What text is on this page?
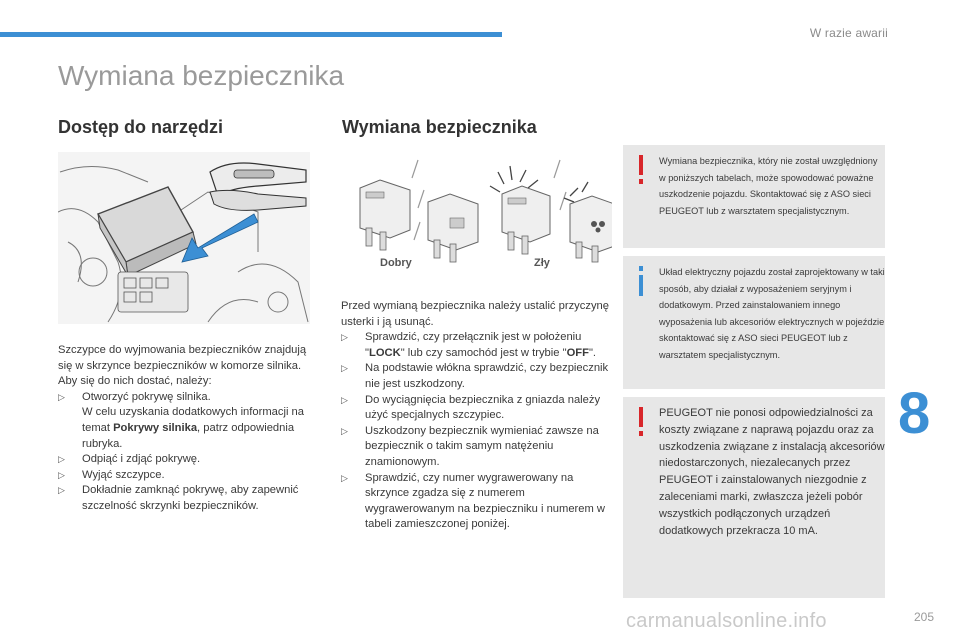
W razie awarii
Wymiana bezpiecznika
Dostęp do narzędzi	Wymiana bezpiecznika
Dobry	Zły

Szczypce do wyjmowania bezpieczników znajdują się w skrzynce bezpieczników w komorze silnika.

Aby się do nich dostać, należy:

▷ Otworzyć pokrywę silnika.
W celu uzyskania dodatkowych informacji na temat Pokrywy silnika, patrz odpowiednia rubryka.
▷ Odpiąć i zdjąć pokrywę.
▷ Wyjąć szczypce.
▷ Dokładnie zamknąć pokrywę, aby zapewnić szczelność skrzynki bezpieczników.

Przed wymianą bezpiecznika należy ustalić przyczynę usterki i ją usunąć.

▷ Sprawdzić, czy przełącznik jest w położeniu "LOCK" lub czy samochód jest w trybie "OFF".
▷ Na podstawie włókna sprawdzić, czy bezpiecznik nie jest uszkodzony.
▷ Do wyciągnięcia bezpiecznika z gniazda należy użyć specjalnych szczypiec.
▷ Uszkodzony bezpiecznik wymieniać zawsze na bezpiecznik o takim samym natężeniu znamionowym.
▷ Sprawdzić, czy numer wygrawerowany na skrzynce zgadza się z numerem wygrawerowanym na bezpieczniku i numerem w tabeli zamieszczonej poniżej.

Wymiana bezpiecznika, który nie został uwzględniony w poniższych tabelach, może spowodować poważne uszkodzenie pojazdu. Skontaktować się z ASO sieci PEUGEOT lub z warsztatem specjalistycznym.

Układ elektryczny pojazdu został zaprojektowany w taki sposób, aby działał z wyposażeniem seryjnym i dodatkowym. Przed zainstalowaniem innego wyposażenia lub akcesoriów elektrycznych w pojeździe skontaktować się z ASO sieci PEUGEOT lub z warsztatem specjalistycznym.

PEUGEOT nie ponosi odpowiedzialności za koszty związane z naprawą pojazdu oraz za uszkodzenia związane z instalacją akcesoriów niedostarczonych, niezalecanych przez PEUGEOT i zainstalowanych niezgodnie z zaleceniami marki, zwłaszcza jeżeli pobór wszystkich podłączonych urządzeń dodatkowych przekracza 10 mA.

8
carmanualsonline.info	205
